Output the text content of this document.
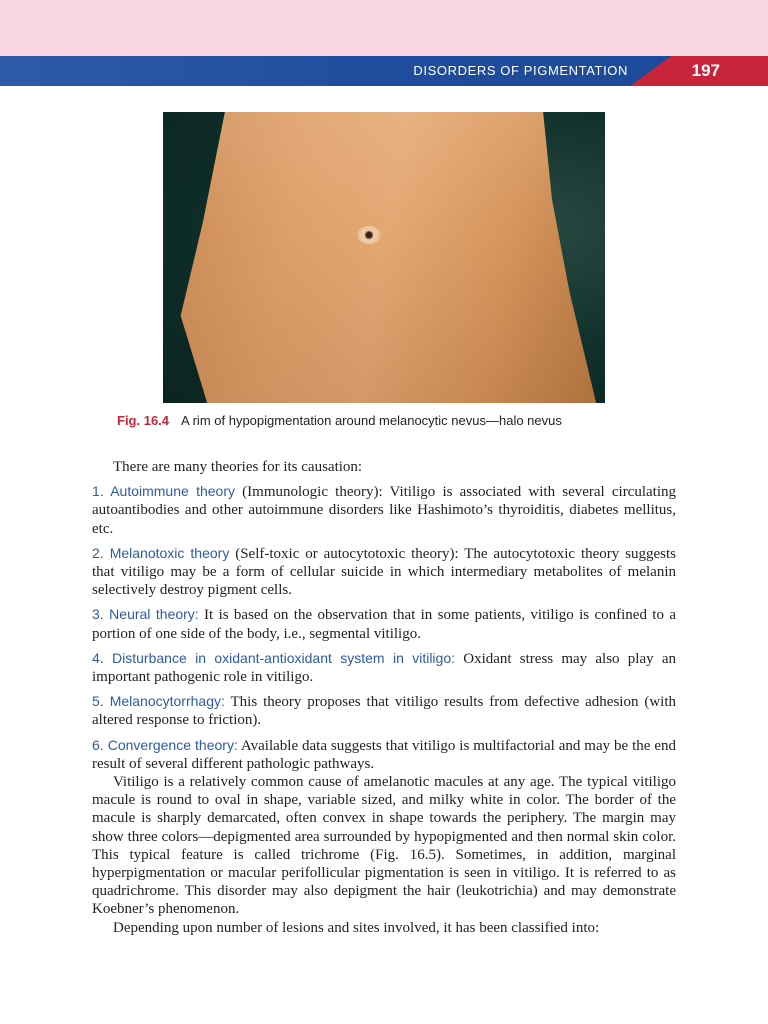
DISORDERS OF PIGMENTATION	197
Fig. 16.4 A rim of hypopigmentation around melanocytic nevus—halo nevus

There are many theories for its causation:

1. Autoimmune theory (Immunologic theory): Vitiligo is associated with several circulating autoantibodies and other autoimmune disorders like Hashimoto’s thyroiditis, diabetes mellitus, etc.

2. Melanotoxic theory (Self-toxic or autocytotoxic theory): The autocytotoxic theory suggests that vitiligo may be a form of cellular suicide in which intermediary metabolites of melanin selectively destroy pigment cells.

3. Neural theory: It is based on the observation that in some patients, vitiligo is confined to a portion of one side of the body, i.e., segmental vitiligo.

4. Disturbance in oxidant-antioxidant system in vitiligo: Oxidant stress may also play an important pathogenic role in vitiligo.

5. Melanocytorrhagy: This theory proposes that vitiligo results from defective adhesion (with altered response to friction).

6. Convergence theory: Available data suggests that vitiligo is multifactorial and may be the end result of several different pathologic pathways.

Vitiligo is a relatively common cause of amelanotic macules at any age. The typical vitiligo macule is round to oval in shape, variable sized, and milky white in color. The border of the macule is sharply demarcated, often convex in shape towards the periphery. The margin may show three colors—depigmented area surrounded by hypopigmented and then normal skin color. This typical feature is called trichrome (Fig. 16.5). Sometimes, in addition, marginal hyperpigmentation or macular perifollicular pigmentation is seen in vitiligo. It is referred to as quadrichrome. This disorder may also depigment the hair (leukotrichia) and may demonstrate Koebner’s phenomenon.

Depending upon number of lesions and sites involved, it has been classified into:
